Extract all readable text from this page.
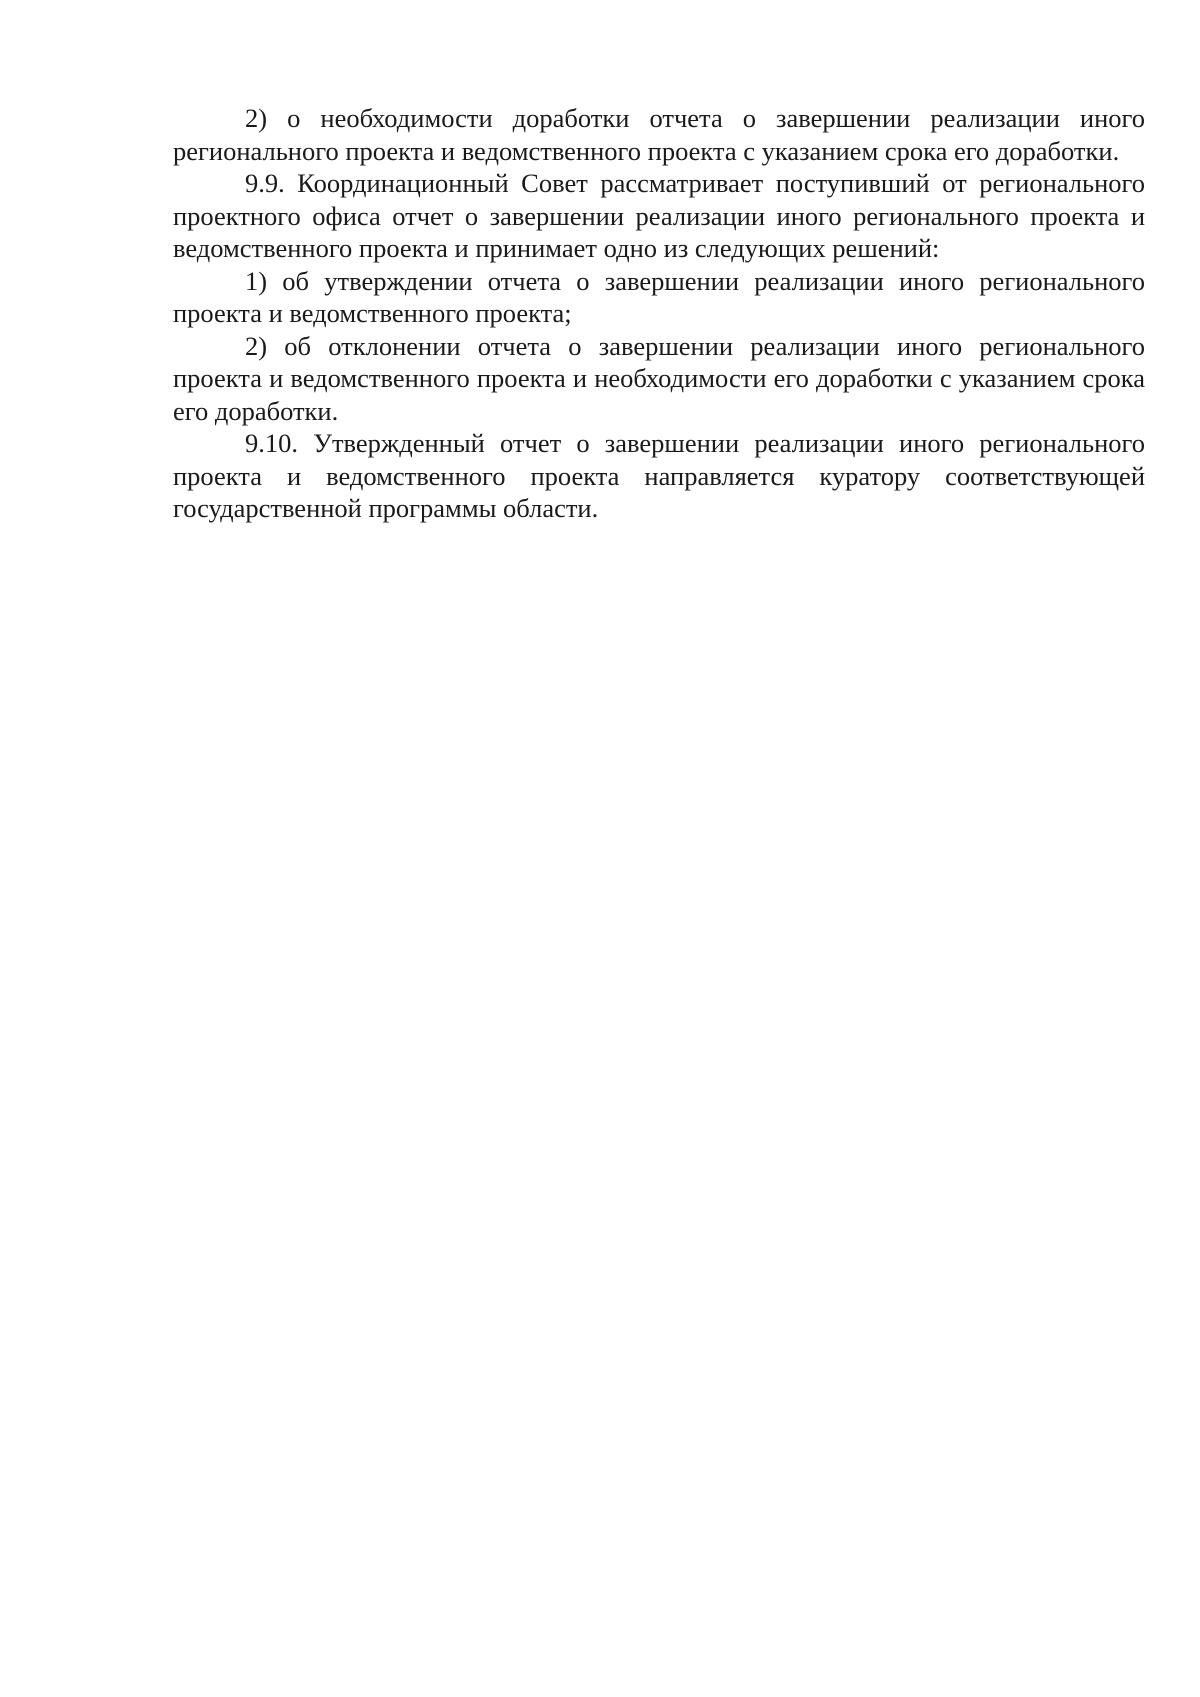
2) о необходимости доработки отчета о завершении реализации иного регионального проекта и ведомственного проекта с указанием срока его доработки.

9.9. Координационный Совет рассматривает поступивший от регионального проектного офиса отчет о завершении реализации иного регионального проекта и ведомственного проекта и принимает одно из следующих решений:

1) об утверждении отчета о завершении реализации иного регионального проекта и ведомственного проекта;

2) об отклонении отчета о завершении реализации иного регионального проекта и ведомственного проекта и необходимости его доработки с указанием срока его доработки.

9.10. Утвержденный отчет о завершении реализации иного регионального проекта и ведомственного проекта направляется куратору соответствующей государственной программы области.
